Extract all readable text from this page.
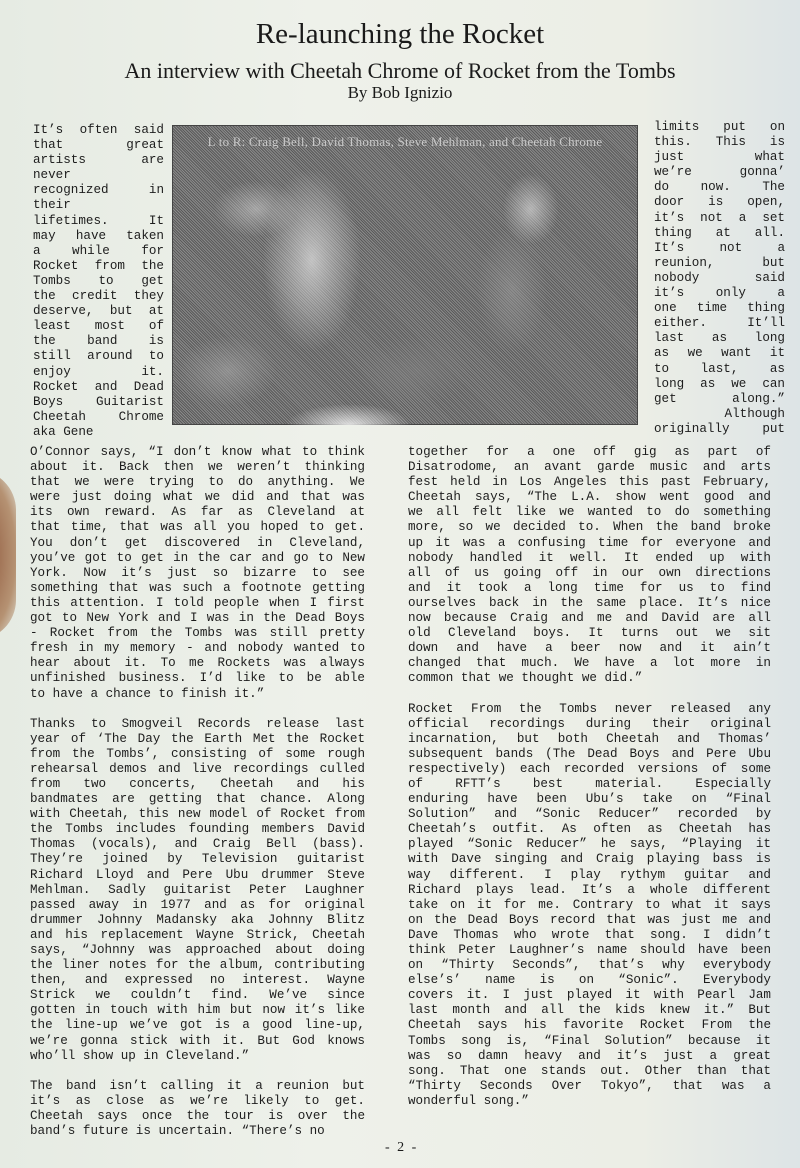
Re-launching the Rocket
An interview with Cheetah Chrome of Rocket from the Tombs
By Bob Ignizio
L to R: Craig Bell, David Thomas, Steve Mehlman, and Cheetah Chrome
It’s often said
that great
artists are
never
recognized in
their
lifetimes. It
may have taken
a while for
Rocket from the
Tombs to get
the credit they
deserve, but at
least most of
the band is
still around to
enjoy it.
Rocket and Dead
Boys Guitarist
Cheetah Chrome
aka Gene
limits put on
this. This is
just what
we’re gonna’
do now. The
door is open,
it’s not a set
thing at all.
It’s not a
reunion, but
nobody said
it’s only a
one time thing
either. It’ll
last as long
as we want it
to last, as
long as we can
get along.”
Although
originally put
O’Connor says, “I don’t know what to think
about it. Back then we weren’t thinking
that we were trying to do anything. We
were just doing what we did and that was
its own reward. As far as Cleveland at
that time, that was all you hoped to get.
You don’t get discovered in Cleveland,
you’ve got to get in the car and go to New
York. Now it’s just so bizarre to see
something that was such a footnote getting
this attention. I told people when I first
got to New York and I was in the Dead Boys
- Rocket from the Tombs was still pretty
fresh in my memory - and nobody wanted to
hear about it. To me Rockets was always
unfinished business. I’d like to be able
to have a chance to finish it.”
Thanks to Smogveil Records release last
year of ‘The Day the Earth Met the Rocket
from the Tombs’, consisting of some rough
rehearsal demos and live recordings culled
from two concerts, Cheetah and his
bandmates are getting that chance. Along
with Cheetah, this new model of Rocket from
the Tombs includes founding members David
Thomas (vocals), and Craig Bell (bass).
They’re joined by Television guitarist
Richard Lloyd and Pere Ubu drummer Steve
Mehlman. Sadly guitarist Peter Laughner
passed away in 1977 and as for original
drummer Johnny Madansky aka Johnny Blitz
and his replacement Wayne Strick, Cheetah
says, “Johnny was approached about doing
the liner notes for the album, contributing
then, and expressed no interest. Wayne
Strick we couldn’t find. We’ve since
gotten in touch with him but now it’s like
the line-up we’ve got is a good line-up,
we’re gonna stick with it. But God knows
who’ll show up in Cleveland.”
The band isn’t calling it a reunion but
it’s as close as we’re likely to get.
Cheetah says once the tour is over the
band’s future is uncertain. “There’s no
together for a one off gig as part of
Disatrodome, an avant garde music and arts
fest held in Los Angeles this past February,
Cheetah says, “The L.A. show went good and
we all felt like we wanted to do something
more, so we decided to. When the band broke
up it was a confusing time for everyone and
nobody handled it well. It ended up with
all of us going off in our own directions
and it took a long time for us to find
ourselves back in the same place. It’s nice
now because Craig and me and David are all
old Cleveland boys. It turns out we sit
down and have a beer now and it ain’t
changed that much. We have a lot more in
common that we thought we did.”
Rocket From the Tombs never released any
official recordings during their original
incarnation, but both Cheetah and Thomas’
subsequent bands (The Dead Boys and Pere Ubu
respectively) each recorded versions of some
of RFTT’s best material. Especially
enduring have been Ubu’s take on “Final
Solution” and “Sonic Reducer” recorded by
Cheetah’s outfit. As often as Cheetah has
played “Sonic Reducer” he says, “Playing it
with Dave singing and Craig playing bass is
way different. I play rythym guitar and
Richard plays lead. It’s a whole different
take on it for me. Contrary to what it says
on the Dead Boys record that was just me and
Dave Thomas who wrote that song. I didn’t
think Peter Laughner’s name should have been
on “Thirty Seconds”, that’s why everybody
else’s’ name is on “Sonic”. Everybody
covers it. I just played it with Pearl Jam
last month and all the kids knew it.” But
Cheetah says his favorite Rocket From the
Tombs song is, “Final Solution” because it
was so damn heavy and it’s just a great
song. That one stands out. Other than that
“Thirty Seconds Over Tokyo”, that was a
wonderful song.”
- 2 -
